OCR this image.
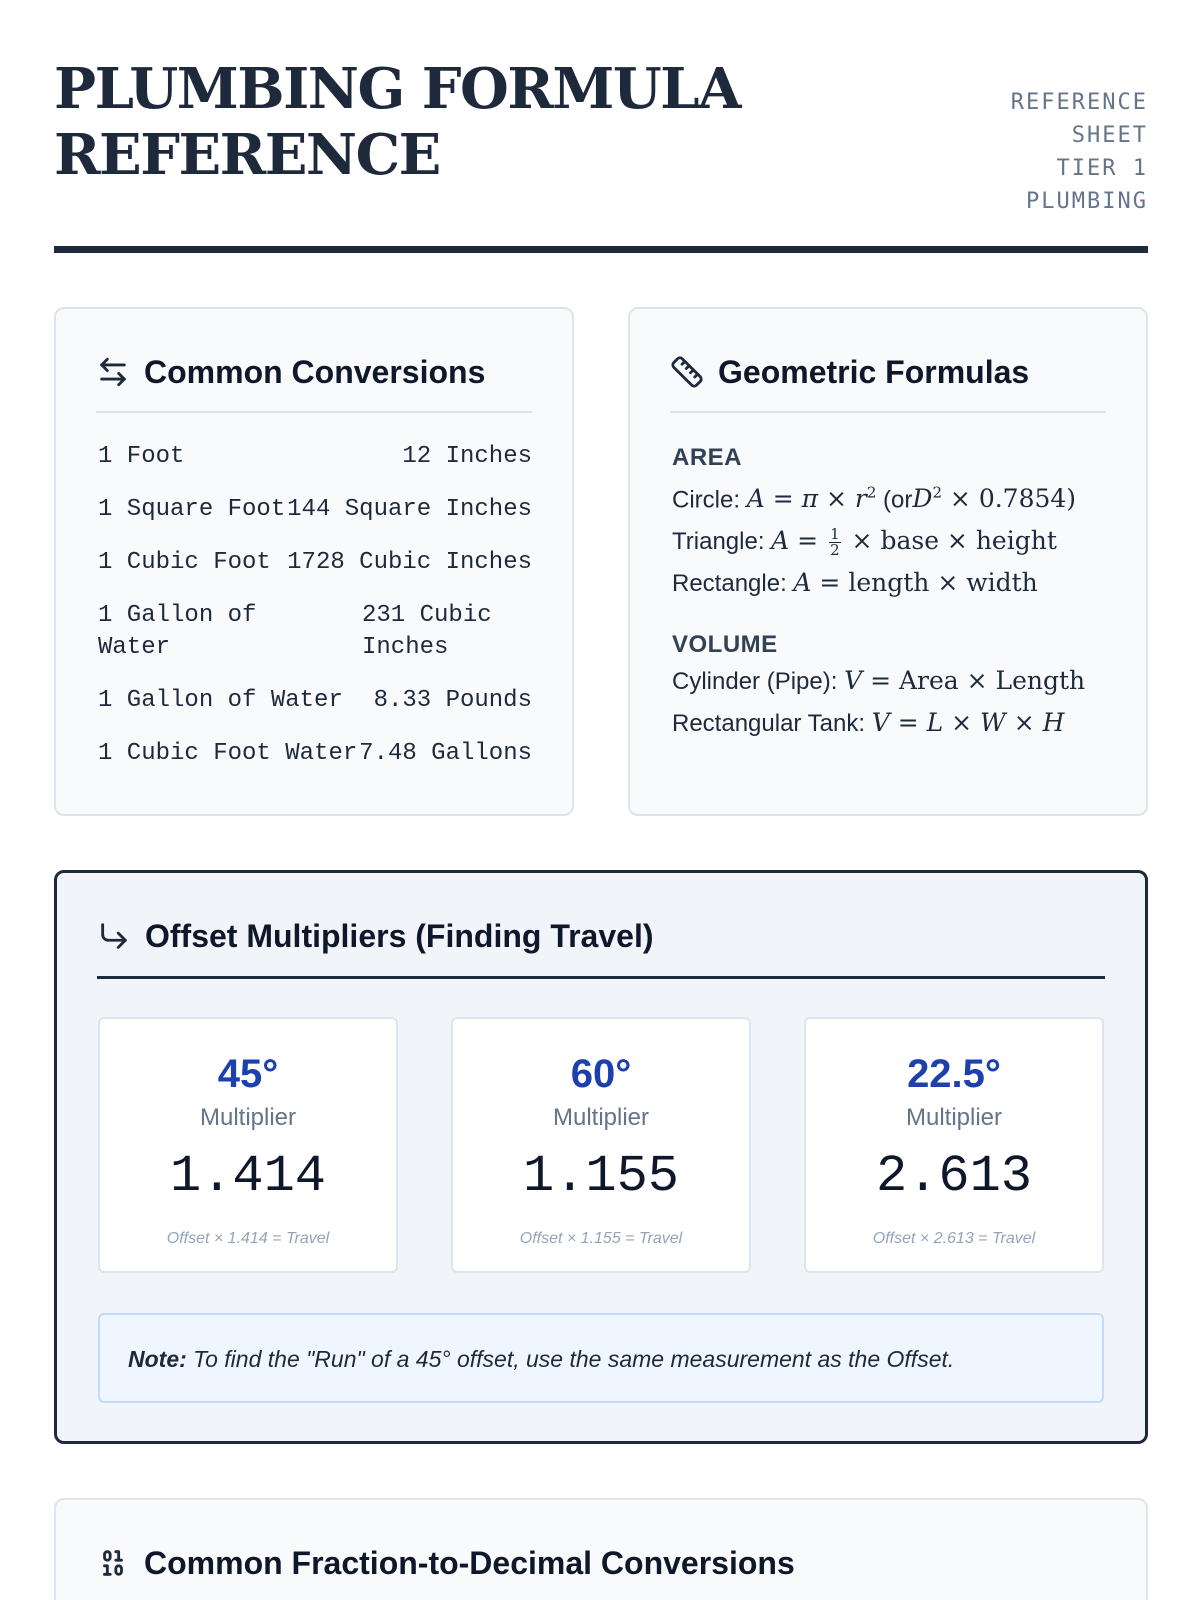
PLUMBING FORMULA REFERENCE
REFERENCE
SHEET
TIER 1
PLUMBING
Common Conversions
1 Foot	12 Inches
1 Square Foot 144 Square Inches
1 Cubic Foot 1728 Cubic Inches
1 Gallon of Water
231 Cubic Inches
1 Gallon of Water 8.33 Pounds
1 Cubic Foot Water 7.48 Gallons
Geometric Formulas
AREA
Circle: $A = \pi \times r^2$ (orD$^2$ × 0.7854)
Triangle: $A = \frac{1}{2}$ × base × height
Rectangle: A = length × width
VOLUME
Cylinder (Pipe): V = Area × Length
Rectangular Tank: V = L × W × H
Offset Multipliers (Finding Travel)
45°
Multiplier
1.414
Offset × 1.414 = Travel
60°
Multiplier
1.155
Offset × 1.155 = Travel
22.5°
Multiplier
2.613
Offset × 2.613 = Travel
Note: To find the "Run" of a 45° offset, use the same measurement as the Offset.
Common Fraction-to-Decimal Conversions
